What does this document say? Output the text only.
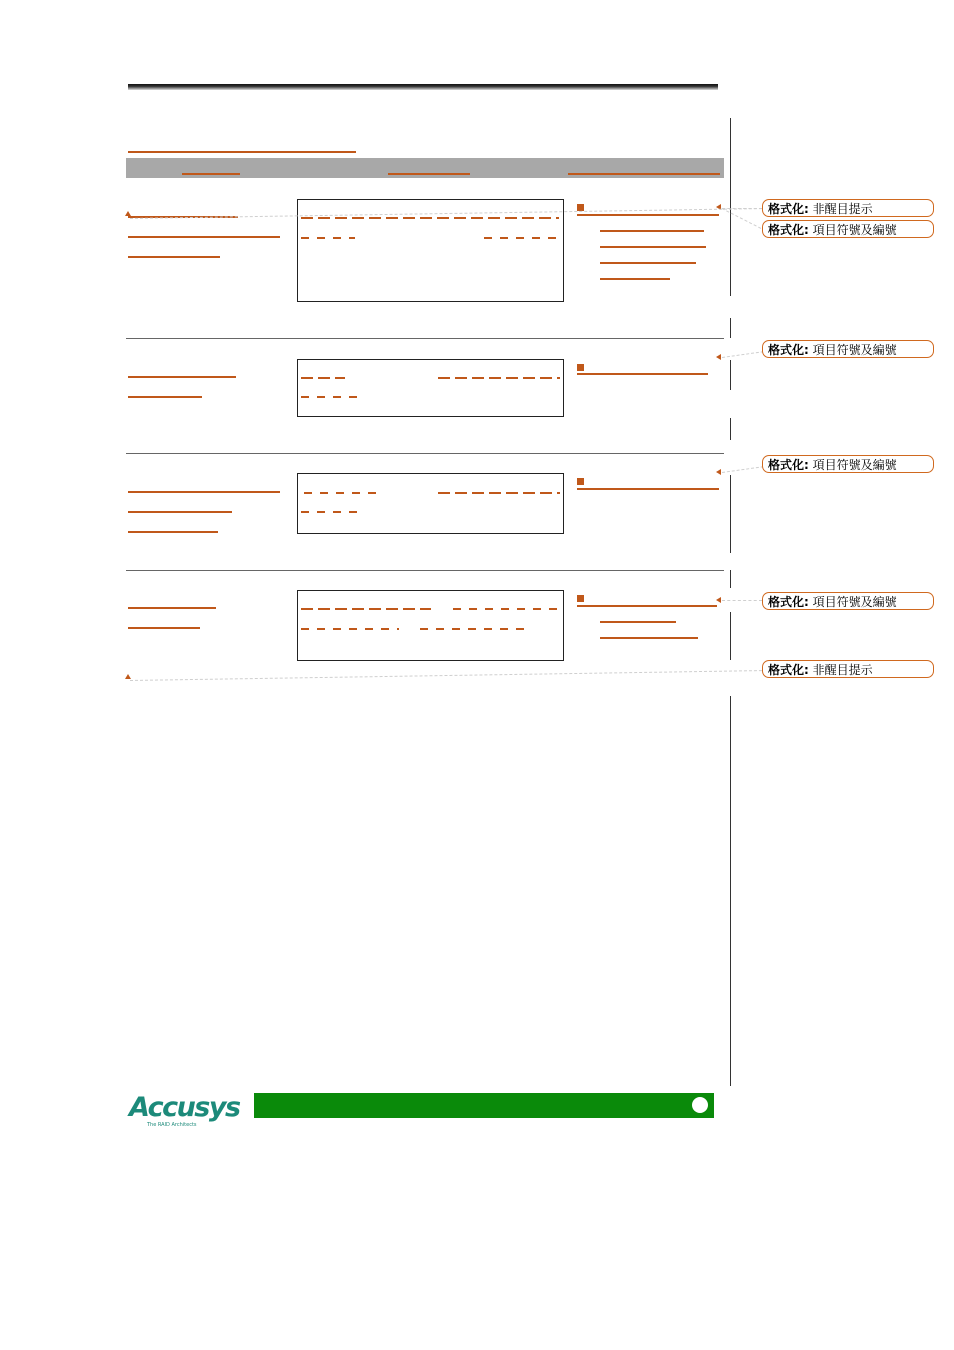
格式化: 非醒目提示
格式化: 項目符號及編號
格式化: 項目符號及編號
格式化: 項目符號及編號
格式化: 項目符號及編號
格式化: 非醒目提示
Accusys
The RAID Architects
